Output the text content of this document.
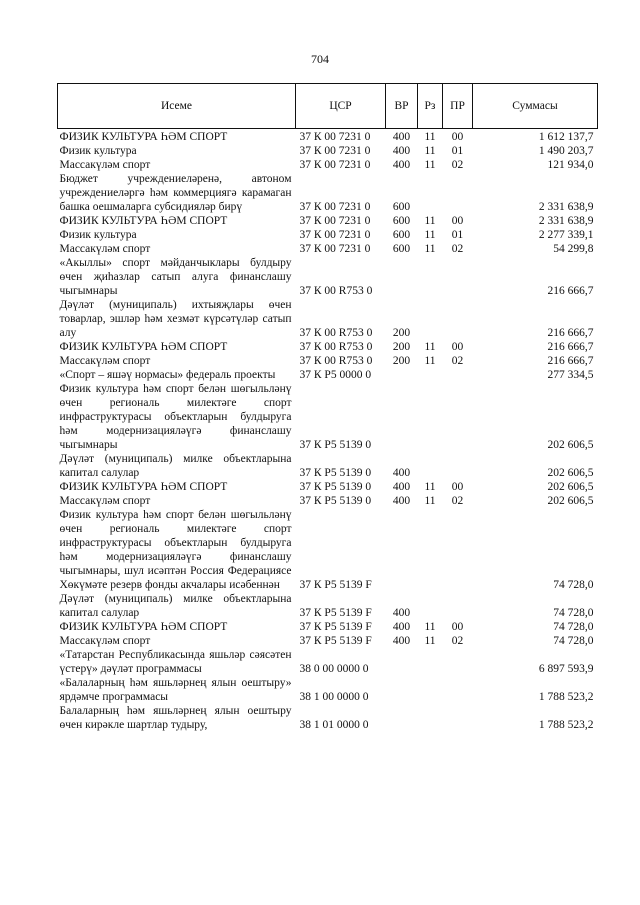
704
Исеме	ЦСР	ВР	Рз	ПР	Суммасы
ФИЗИК КУЛЬТУРА ҺӘМ СПОРТ	37 К 00 7231 0	400	11	00	1 612 137,7
Физик культура	37 К 00 7231 0	400	11	01	1 490 203,7
Массакүләм спорт	37 К 00 7231 0	400	11	02	121 934,0
Бюджет учреждениеләренә, автоном учреждениеләргә һәм коммерциягә карамаган башка оешмаларга субсидияләр бирү	37 К 00 7231 0	600			2 331 638,9
ФИЗИК КУЛЬТУРА ҺӘМ СПОРТ	37 К 00 7231 0	600	11	00	2 331 638,9
Физик культура	37 К 00 7231 0	600	11	01	2 277 339,1
Массакүләм спорт	37 К 00 7231 0	600	11	02	54 299,8
«Акыллы» спорт мәйданчыклары булдыру өчен җиһазлар сатып алуга финанслашу чыгымнары	37 К 00 R753 0				216 666,7
Дәүләт (муниципаль) ихтыяҗлары өчен товарлар, эшләр һәм хезмәт күрсәтүләр сатып алу	37 К 00 R753 0	200			216 666,7
ФИЗИК КУЛЬТУРА ҺӘМ СПОРТ	37 К 00 R753 0	200	11	00	216 666,7
Массакүләм спорт	37 К 00 R753 0	200	11	02	216 666,7
«Спорт – яшәү нормасы» федераль проекты	37 К Р5 0000 0				277 334,5
Физик культура һәм спорт белән шөгыльләнү өчен региональ милектәге спорт инфраструктурасы объектларын булдыруга һәм модернизацияләүгә финанслашу чыгымнары	37 К Р5 5139 0				202 606,5
Дәүләт (муниципаль) милке объектларына капитал салулар	37 К Р5 5139 0	400			202 606,5
ФИЗИК КУЛЬТУРА ҺӘМ СПОРТ	37 К Р5 5139 0	400	11	00	202 606,5
Массакүләм спорт	37 К Р5 5139 0	400	11	02	202 606,5
Физик культура һәм спорт белән шөгыльләнү өчен региональ милектәге спорт инфраструктурасы объектларын булдыруга һәм модернизацияләүгә финанслашу чыгымнары, шул исәптән Россия Федерациясе Хөкүмәте резерв фонды акчалары исәбеннән	37 К Р5 5139 F				74 728,0
Дәүләт (муниципаль) милке объектларына капитал салулар	37 К Р5 5139 F	400			74 728,0
ФИЗИК КУЛЬТУРА ҺӘМ СПОРТ	37 К Р5 5139 F	400	11	00	74 728,0
Массакүләм спорт	37 К Р5 5139 F	400	11	02	74 728,0
«Татарстан Республикасында яшьләр сәясәтен үстерү» дәүләт программасы	38 0 00 0000 0				6 897 593,9
«Балаларның һәм яшьләрнең ялын оештыру» ярдәмче программасы	38 1 00 0000 0				1 788 523,2
Балаларның һәм яшьләрнең ялын оештыру өчен кирәкле шартлар тудыру,	38 1 01 0000 0				1 788 523,2
